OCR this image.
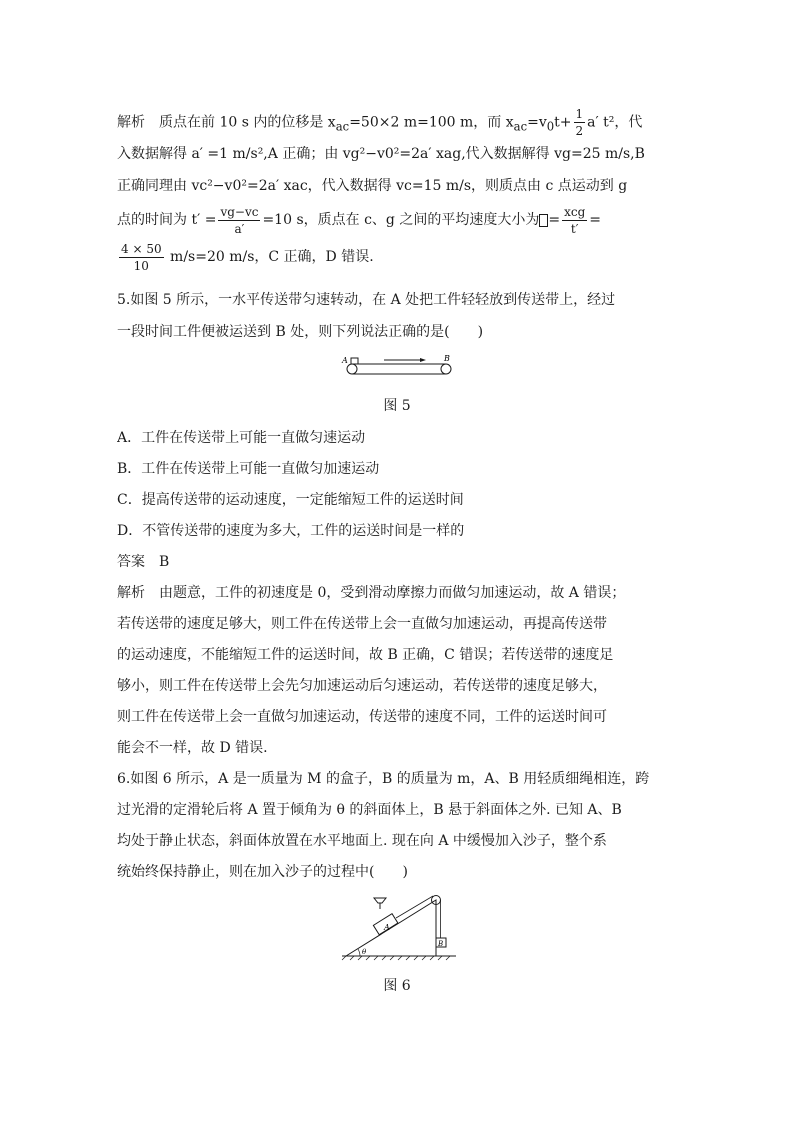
解析　质点在前 10 s 内的位移是 $x_{ac}=50\times 2$ m=100 m，而 $x_{ac}=v_0t+ \frac{1}{2} a'$ t²，代
入数据解得 a′ =1 m/s²,A 正确；由 vg²−v0²=2a′ xag,代入数据解得 vg=25 m/s,B
正确同理由 vc²−v0²=2a′ xac，代入数据得 vc=15 m/s，则质点由 c 点运动到 g
点的时间为 $t' = \frac{vg-vc}{a'} =10$ s，质点在 c、g 之间的平均速度大小为 = $\frac{\text{xcg}}{t'}$ =
$\frac{4 \times 50}{10} m/s=20$ m/s，C 正确，D 错误.
5.如图 5 所示，一水平传送带匀速转动，在 A 处把工件轻轻放到传送带上，经过
一段时间工件便被运送到 B 处，则下列说法正确的是(　　)
A	B
图 5
A．工件在传送带上可能一直做匀速运动
B．工件在传送带上可能一直做匀加速运动
C．提高传送带的运动速度，一定能缩短工件的运送时间
D．不管传送带的速度为多大，工件的运送时间是一样的
答案　B
解析　由题意，工件的初速度是 0，受到滑动摩擦力而做匀加速运动，故 A 错误；
若传送带的速度足够大，则工件在传送带上会一直做匀加速运动，再提高传送带
的运动速度，不能缩短工件的运送时间，故 B 正确，C 错误；若传送带的速度足
够小，则工件在传送带上会先匀加速运动后匀速运动，若传送带的速度足够大，
则工件在传送带上会一直做匀加速运动，传送带的速度不同，工件的运送时间可
能会不一样，故 D 错误.
6.如图 6 所示，A 是一质量为 M 的盒子，B 的质量为 m，A、B 用轻质细绳相连，跨
过光滑的定滑轮后将 A 置于倾角为 θ 的斜面体上，B 悬于斜面体之外. 已知 A、B
均处于静止状态，斜面体放置在水平地面上. 现在向 A 中缓慢加入沙子，整个系
统始终保持静止，则在加入沙子的过程中(　　)
A
B
θ
图 6
